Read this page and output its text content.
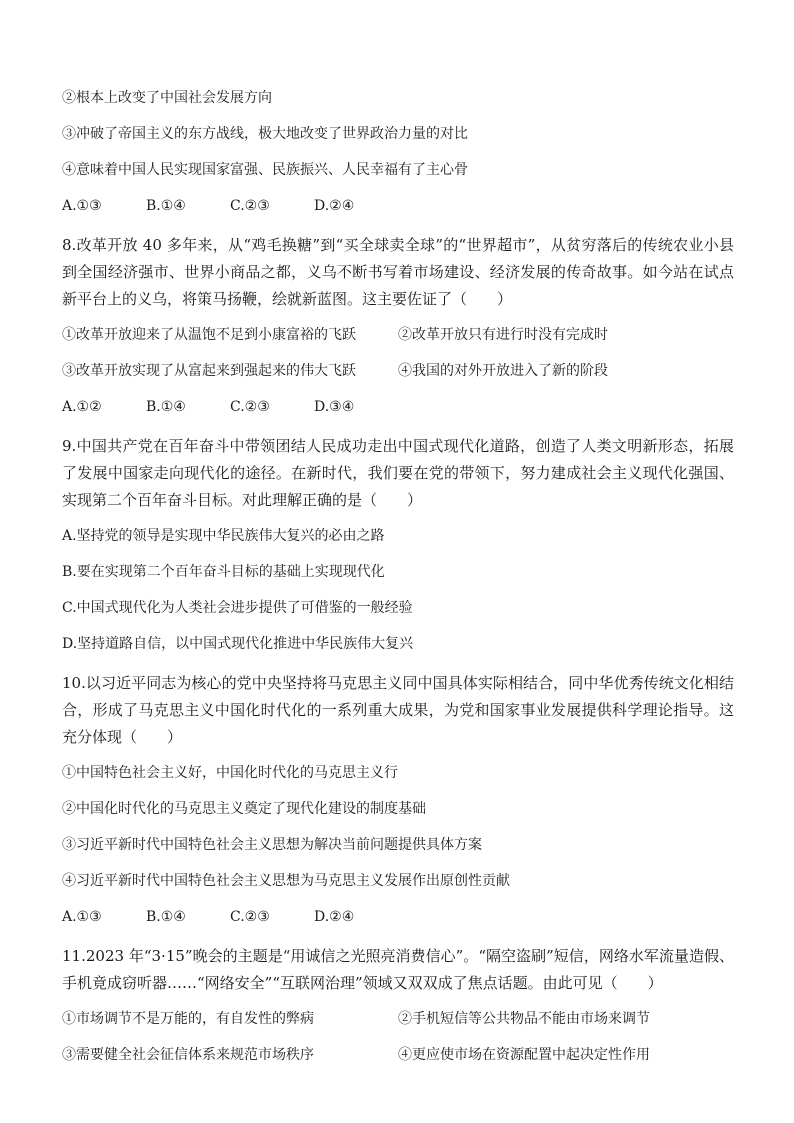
②根本上改变了中国社会发展方向
③冲破了帝国主义的东方战线，极大地改变了世界政治力量的对比
④意味着中国人民实现国家富强、民族振兴、人民幸福有了主心骨
A.①③	B.①④	C.②③	D.②④
8.改革开放 40 多年来，从“鸡毛换糖”到“买全球卖全球”的“世界超市”，从贫穷落后的传统农业小县到全国经济强市、世界小商品之都，义乌不断书写着市场建设、经济发展的传奇故事。如今站在试点新平台上的义乌，将策马扬鞭，绘就新蓝图。这主要佐证了（　　）
①改革开放迎来了从温饱不足到小康富裕的飞跃	②改革开放只有进行时没有完成时
③改革开放实现了从富起来到强起来的伟大飞跃	④我国的对外开放进入了新的阶段
A.①②	B.①④	C.②③	D.③④
9.中国共产党在百年奋斗中带领团结人民成功走出中国式现代化道路，创造了人类文明新形态，拓展了发展中国家走向现代化的途径。在新时代，我们要在党的带领下，努力建成社会主义现代化强国、实现第二个百年奋斗目标。对此理解正确的是（　　）
A.坚持党的领导是实现中华民族伟大复兴的必由之路
B.要在实现第二个百年奋斗目标的基础上实现现代化
C.中国式现代化为人类社会进步提供了可借鉴的一般经验
D.坚持道路自信，以中国式现代化推进中华民族伟大复兴
10.以习近平同志为核心的党中央坚持将马克思主义同中国具体实际相结合，同中华优秀传统文化相结合，形成了马克思主义中国化时代化的一系列重大成果，为党和国家事业发展提供科学理论指导。这充分体现（　　）
①中国特色社会主义好，中国化时代化的马克思主义行
②中国化时代化的马克思主义奠定了现代化建设的制度基础
③习近平新时代中国特色社会主义思想为解决当前问题提供具体方案
④习近平新时代中国特色社会主义思想为马克思主义发展作出原创性贡献
A.①③	B.①④	C.②③	D.②④
11.2023 年“3·15”晚会的主题是“用诚信之光照亮消费信心”。“隔空盗刷”短信，网络水军流量造假、手机竟成窃听器……“网络安全”“互联网治理”领域又双双成了焦点话题。由此可见（　　）
①市场调节不是万能的，有自发性的弊病	②手机短信等公共物品不能由市场来调节
③需要健全社会征信体系来规范市场秩序	④更应使市场在资源配置中起决定性作用
